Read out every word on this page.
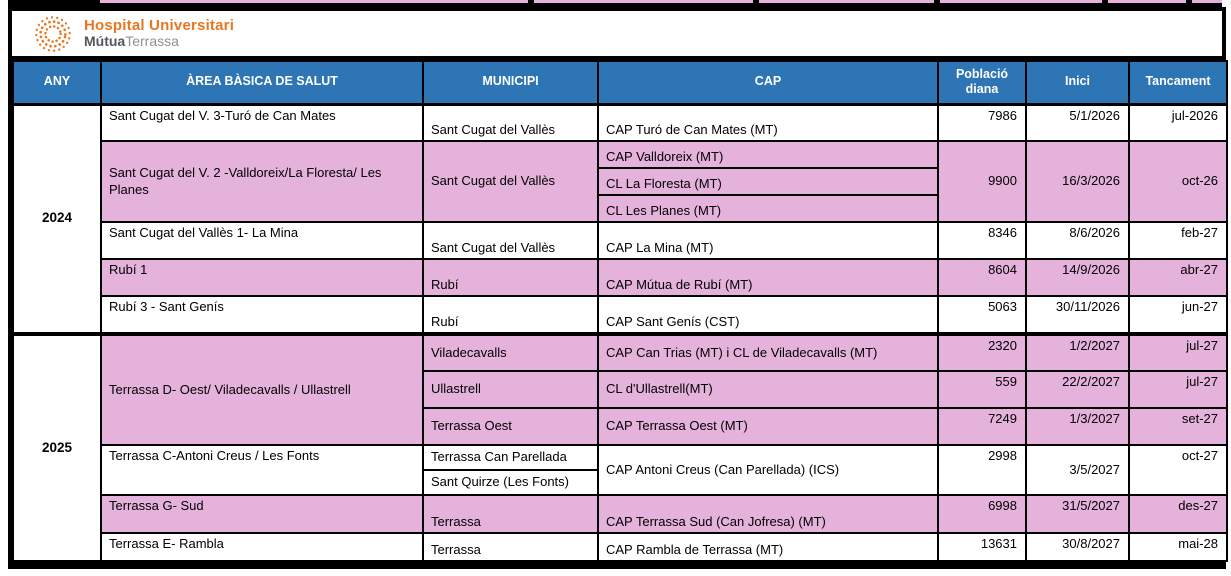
Hospital Universitari
MútuaTerrassa
ANY	ÀREA BÀSICA DE SALUT	MUNICIPI	CAP	Població diana	Inici	Tancament
2024	Sant Cugat del V. 3-Turó de Can Mates	Sant Cugat del Vallès	CAP Turó de Can Mates (MT)	7986	5/1/2026	jul-2026
	Sant Cugat del V. 2 -Valldoreix/La Floresta/ Les Planes	Sant Cugat del Vallès	CAP Valldoreix (MT)	9900	16/3/2026	oct-26
			CL La Floresta (MT)			
			CL Les Planes (MT)			
	Sant Cugat del Vallès 1- La Mina	Sant Cugat del Vallès	CAP La Mina (MT)	8346	8/6/2026	feb-27
	Rubí 1	Rubí	CAP Mútua de Rubí (MT)	8604	14/9/2026	abr-27
	Rubí 3 - Sant Genís	Rubí	CAP Sant Genís (CST)	5063	30/11/2026	jun-27
2025	Terrassa D- Oest/ Viladecavalls / Ullastrell	Viladecavalls	CAP Can Trias (MT) i CL de Viladecavalls (MT)	2320	1/2/2027	jul-27
		Ullastrell	CL d'Ullastrell(MT)	559	22/2/2027	jul-27
		Terrassa Oest	CAP Terrassa Oest (MT)	7249	1/3/2027	set-27
	Terrassa C-Antoni Creus / Les Fonts	Terrassa Can Parellada	CAP Antoni Creus (Can Parellada) (ICS)	2998	3/5/2027	oct-27
		Sant Quirze (Les Fonts)				
	Terrassa G- Sud	Terrassa	CAP Terrassa Sud (Can Jofresa) (MT)	6998	31/5/2027	des-27
	Terrassa E- Rambla	Terrassa	CAP Rambla de Terrassa (MT)	13631	30/8/2027	mai-28
